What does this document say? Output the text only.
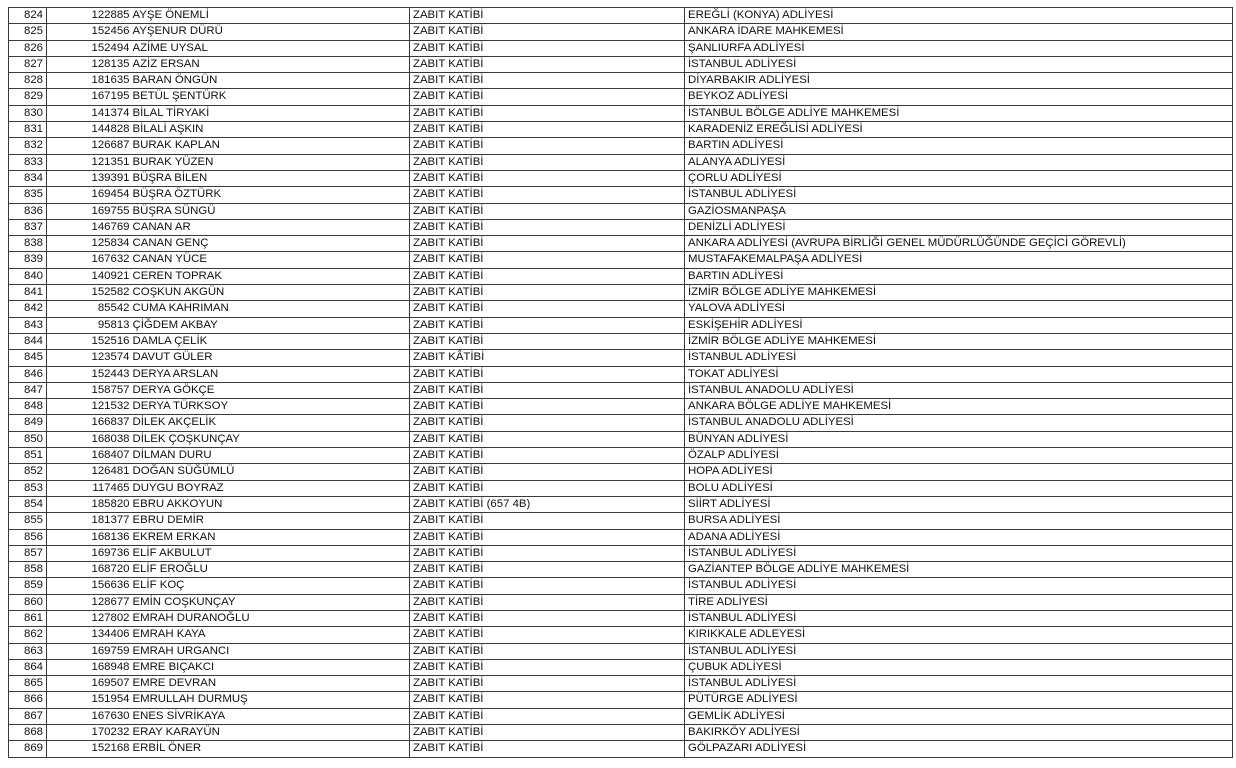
824	122885	AYŞE ÖNEMLİ	ZABIT KATİBİ	EREĞLİ (KONYA) ADLİYESİ
825	152456	AYŞENUR DÜRÜ	ZABIT KATİBİ	ANKARA İDARE MAHKEMESİ
826	152494	AZİME UYSAL	ZABIT KATİBİ	ŞANLIURFA ADLİYESİ
827	128135	AZİZ ERSAN	ZABIT KATİBİ	İSTANBUL ADLİYESİ
828	181635	BARAN ÖNGÜN	ZABIT KATİBİ	DİYARBAKIR ADLİYESİ
829	167195	BETÜL ŞENTÜRK	ZABIT KATİBİ	BEYKOZ ADLİYESİ
830	141374	BİLAL TİRYAKİ	ZABIT KATİBİ	İSTANBUL BÖLGE ADLİYE MAHKEMESİ
831	144828	BİLALİ AŞKIN	ZABIT KATİBİ	KARADENİZ EREĞLİSİ ADLİYESİ
832	126687	BURAK KAPLAN	ZABIT KATİBİ	BARTIN ADLİYESİ
833	121351	BURAK YÜZEN	ZABIT KATİBİ	ALANYA ADLİYESİ
834	139391	BÜŞRA BİLEN	ZABIT KATİBİ	ÇORLU ADLİYESİ
835	169454	BÜŞRA ÖZTÜRK	ZABIT KATİBİ	İSTANBUL ADLİYESİ
836	169755	BÜŞRA SÜNGÜ	ZABIT KATİBİ	GAZİOSMANPAŞA
837	146769	CANAN AR	ZABIT KATİBİ	DENİZLİ ADLİYESİ
838	125834	CANAN GENÇ	ZABIT KATİBİ	ANKARA ADLİYESİ (AVRUPA BİRLİĞİ GENEL MÜDÜRLÜĞÜNDE GEÇİCİ GÖREVLİ)
839	167632	CANAN YÜCE	ZABIT KATİBİ	MUSTAFAKEMALPAŞA ADLİYESİ
840	140921	CEREN TOPRAK	ZABIT KATİBİ	BARTIN ADLİYESİ
841	152582	COŞKUN AKGÜN	ZABIT KATİBİ	İZMİR BÖLGE ADLİYE MAHKEMESİ
842	85542	CUMA KAHRIMAN	ZABIT KATİBİ	YALOVA ADLİYESİ
843	95813	ÇİĞDEM AKBAY	ZABIT KATİBİ	ESKİŞEHİR ADLİYESİ
844	152516	DAMLA ÇELİK	ZABIT KATİBİ	İZMİR BÖLGE ADLİYE MAHKEMESİ
845	123574	DAVUT GÜLER	ZABIT KÂTİBİ	İSTANBUL ADLİYESİ
846	152443	DERYA ARSLAN	ZABIT KATİBİ	TOKAT ADLİYESİ
847	158757	DERYA GÖKÇE	ZABIT KATİBİ	İSTANBUL ANADOLU ADLİYESİ
848	121532	DERYA TÜRKSOY	ZABIT KATİBİ	ANKARA BÖLGE ADLİYE MAHKEMESİ
849	166837	DİLEK AKÇELİK	ZABIT KATİBİ	İSTANBUL ANADOLU ADLİYESİ
850	168038	DİLEK ÇOŞKUNÇAY	ZABIT KATİBİ	BÜNYAN ADLİYESİ
851	168407	DİLMAN DURU	ZABIT KATİBİ	ÖZALP ADLİYESİ
852	126481	DOĞAN SÜĞÜMLÜ	ZABIT KATİBİ	HOPA ADLİYESİ
853	117465	DUYGU BOYRAZ	ZABIT KATİBİ	BOLU ADLİYESİ
854	185820	EBRU AKKOYUN	ZABIT KATİBİ (657 4B)	SİİRT ADLİYESİ
855	181377	EBRU DEMİR	ZABIT KATİBİ	BURSA ADLİYESİ
856	168136	EKREM ERKAN	ZABIT KATİBİ	ADANA ADLİYESİ
857	169736	ELİF AKBULUT	ZABIT KATİBİ	İSTANBUL ADLİYESİ
858	168720	ELİF EROĞLU	ZABIT KATİBİ	GAZİANTEP BÖLGE ADLİYE MAHKEMESİ
859	156636	ELİF KOÇ	ZABIT KATİBİ	İSTANBUL ADLİYESİ
860	128677	EMİN COŞKUNÇAY	ZABIT KATİBİ	TİRE ADLİYESİ
861	127802	EMRAH DURANOĞLU	ZABIT KATİBİ	İSTANBUL ADLİYESİ
862	134406	EMRAH KAYA	ZABIT KATİBİ	KIRIKKALE ADLEYESİ
863	169759	EMRAH URGANCI	ZABIT KATİBİ	İSTANBUL ADLİYESİ
864	168948	EMRE BIÇAKCI	ZABIT KATİBİ	ÇUBUK ADLİYESİ
865	169507	EMRE DEVRAN	ZABIT KATİBİ	İSTANBUL ADLİYESİ
866	151954	EMRULLAH DURMUŞ	ZABIT KATİBİ	PÜTÜRGE ADLİYESİ
867	167630	ENES SİVRİKAYA	ZABIT KATİBİ	GEMLİK ADLİYESİ
868	170232	ERAY KARAYÜN	ZABIT KATİBİ	BAKIRKÖY ADLİYESİ
869	152168	ERBİL ÖNER	ZABIT KATİBİ	GÖLPAZARI ADLİYESİ
